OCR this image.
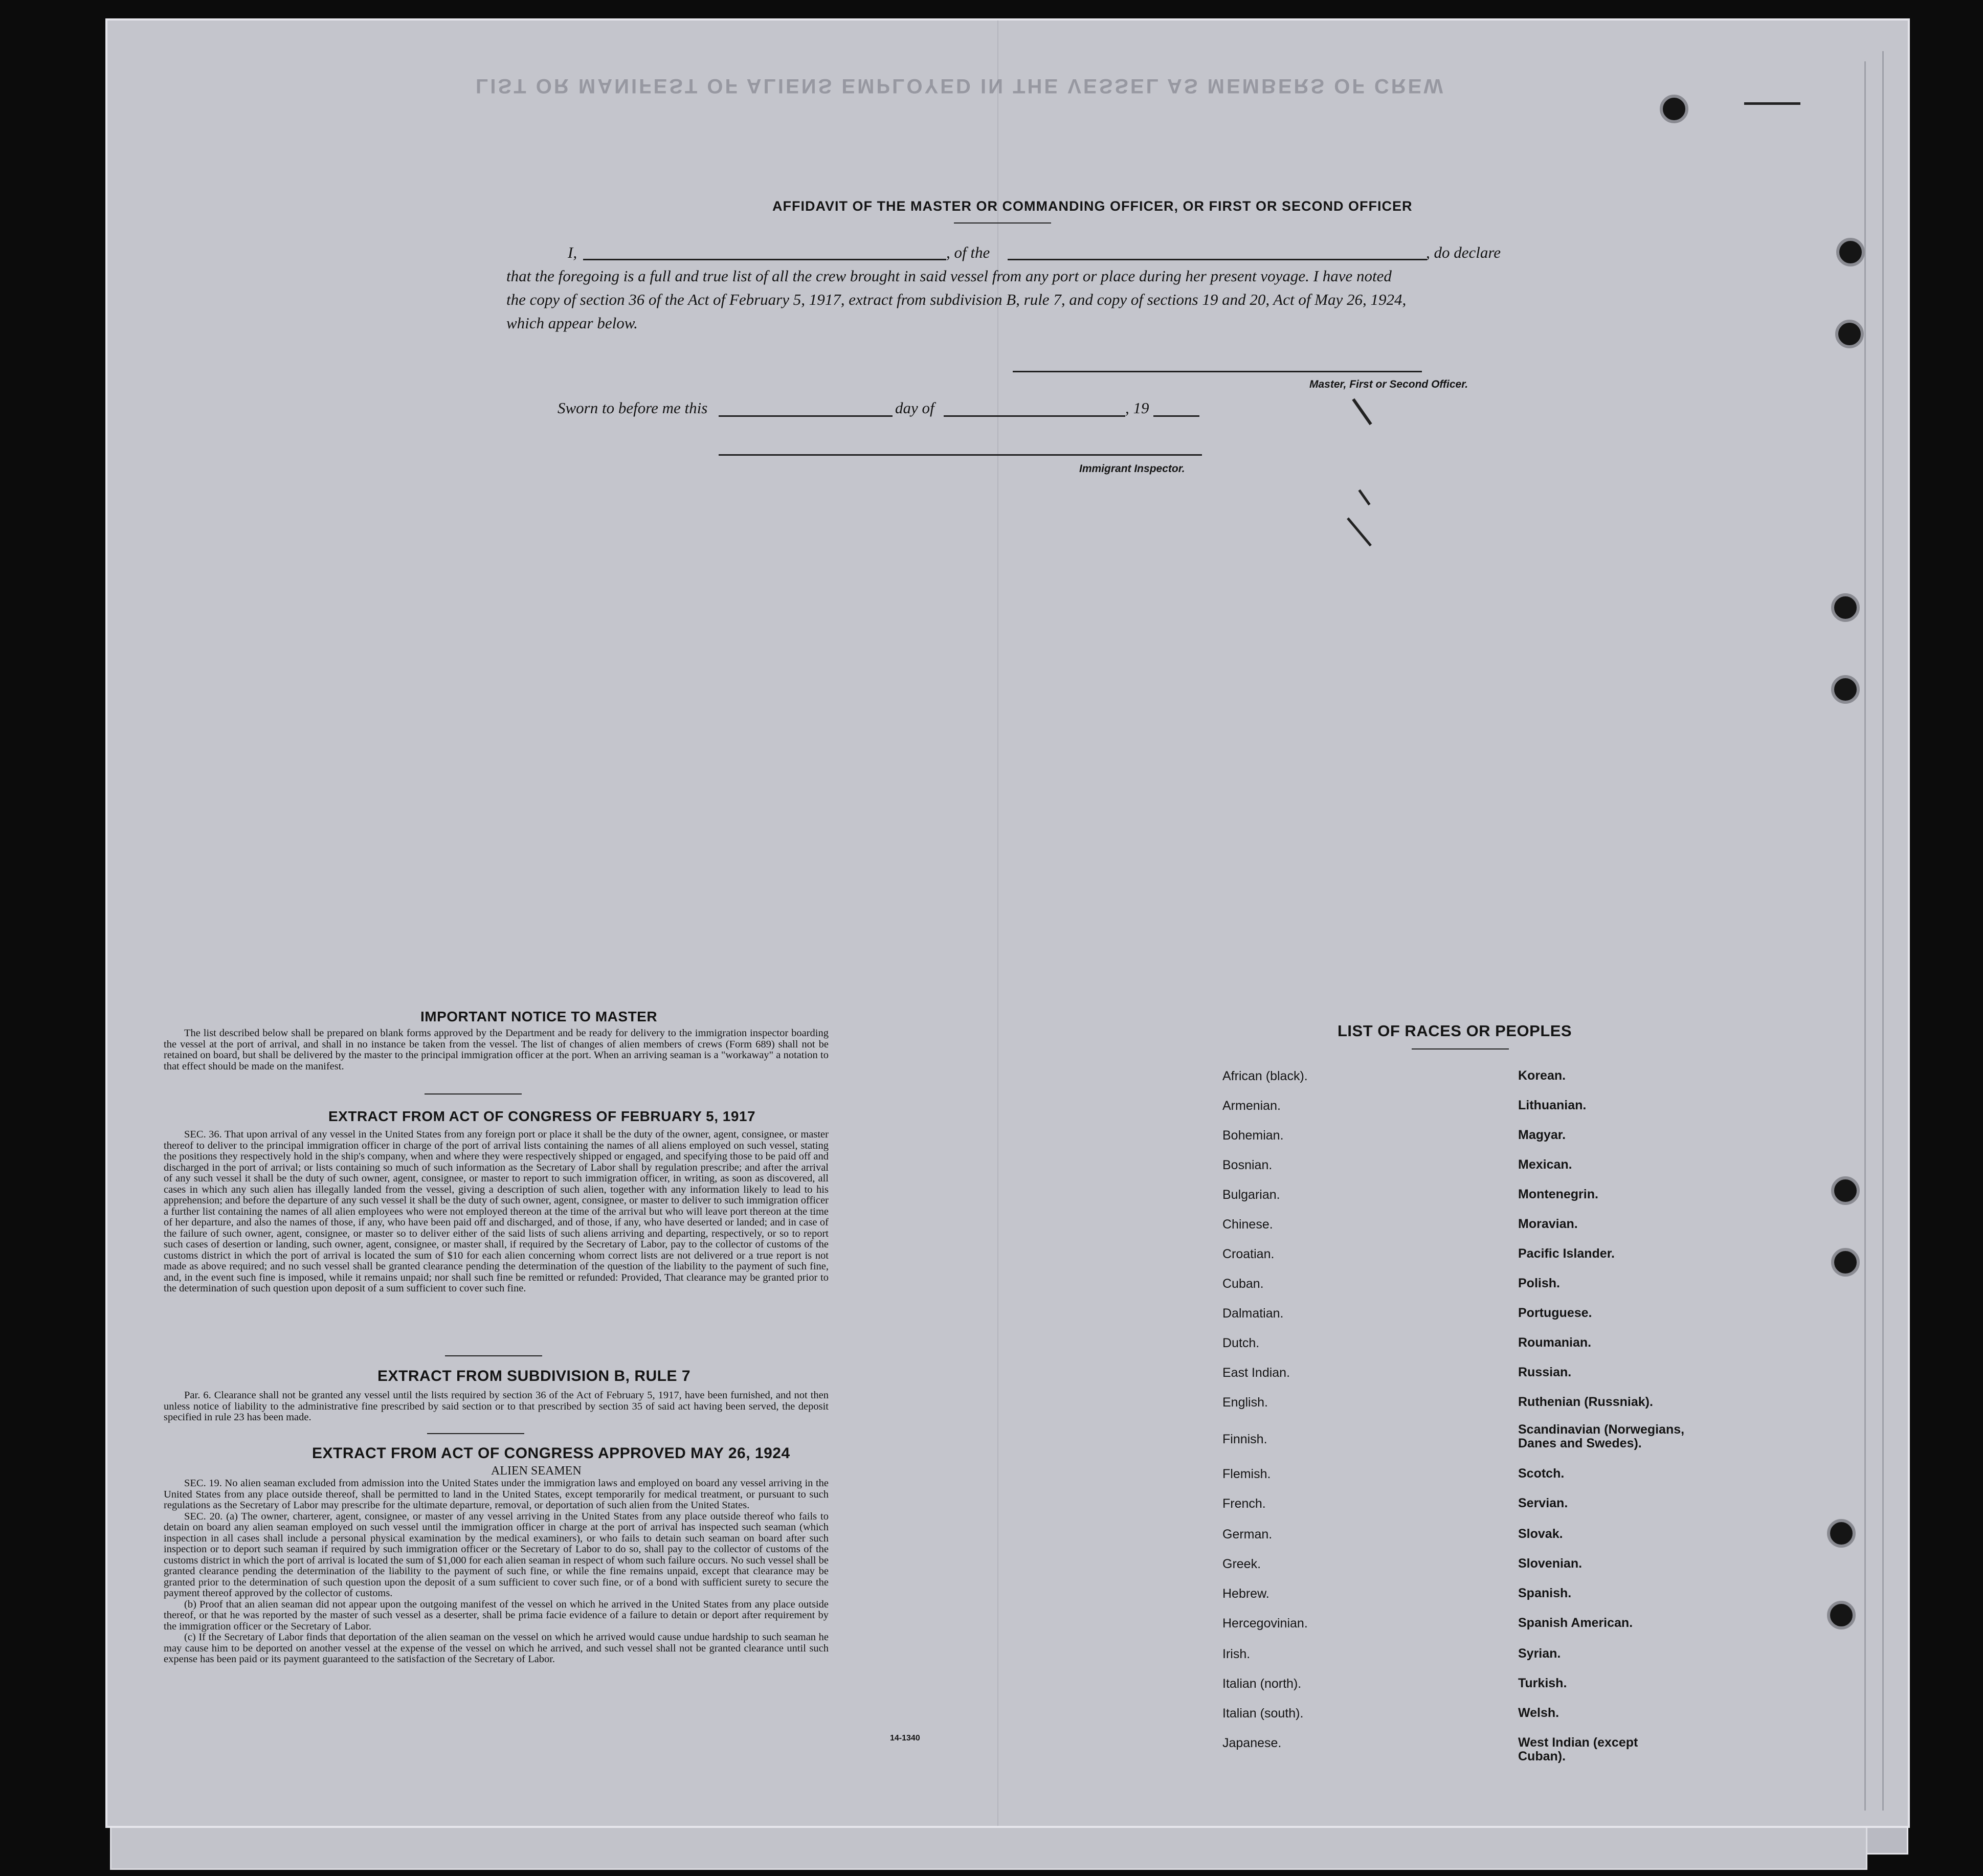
LIST OR MANIFEST OF ALIENS EMPLOYED IN THE VESSEL AS MEMBERS OF CREW
AFFIDAVIT OF THE MASTER OR COMMANDING OFFICER, OR FIRST OR SECOND OFFICER
I,	, of the	, do declare
that the foregoing is a full and true list of all the crew brought in said vessel from any port or place during her present voyage. I have noted
the copy of section 36 of the Act of February 5, 1917, extract from subdivision B, rule 7, and copy of sections 19 and 20, Act of May 26, 1924,
which appear below.
Master, First or Second Officer.
Sworn to before me this	day of	, 19
Immigrant Inspector.
IMPORTANT NOTICE TO MASTER

The list described below shall be prepared on blank forms approved by the Department and be ready for delivery to the immigration inspector boarding the vessel at the port of arrival, and shall in no instance be taken from the vessel. The list of changes of alien members of crews (Form 689) shall not be retained on board, but shall be delivered by the master to the principal immigration officer at the port. When an arriving seaman is a "workaway" a notation to that effect should be made on the manifest.

EXTRACT FROM ACT OF CONGRESS OF FEBRUARY 5, 1917

SEC. 36. That upon arrival of any vessel in the United States from any foreign port or place it shall be the duty of the owner, agent, consignee, or master thereof to deliver to the principal immigration officer in charge of the port of arrival lists containing the names of all aliens employed on such vessel, stating the positions they respectively hold in the ship's company, when and where they were respectively shipped or engaged, and specifying those to be paid off and discharged in the port of arrival; or lists containing so much of such information as the Secretary of Labor shall by regulation prescribe; and after the arrival of any such vessel it shall be the duty of such owner, agent, consignee, or master to report to such immigration officer, in writing, as soon as discovered, all cases in which any such alien has illegally landed from the vessel, giving a description of such alien, together with any information likely to lead to his apprehension; and before the departure of any such vessel it shall be the duty of such owner, agent, consignee, or master to deliver to such immigration officer a further list containing the names of all alien employees who were not employed thereon at the time of the arrival but who will leave port thereon at the time of her departure, and also the names of those, if any, who have been paid off and discharged, and of those, if any, who have deserted or landed; and in case of the failure of such owner, agent, consignee, or master so to deliver either of the said lists of such aliens arriving and departing, respectively, or so to report such cases of desertion or landing, such owner, agent, consignee, or master shall, if required by the Secretary of Labor, pay to the collector of customs of the customs district in which the port of arrival is located the sum of $10 for each alien concerning whom correct lists are not delivered or a true report is not made as above required; and no such vessel shall be granted clearance pending the determination of the question of the liability to the payment of such fine, and, in the event such fine is imposed, while it remains unpaid; nor shall such fine be remitted or refunded: Provided, That clearance may be granted prior to the determination of such question upon deposit of a sum sufficient to cover such fine.

EXTRACT FROM SUBDIVISION B, RULE 7

Par. 6. Clearance shall not be granted any vessel until the lists required by section 36 of the Act of February 5, 1917, have been furnished, and not then unless notice of liability to the administrative fine prescribed by said section or to that prescribed by section 35 of said act having been served, the deposit specified in rule 23 has been made.

EXTRACT FROM ACT OF CONGRESS APPROVED MAY 26, 1924
ALIEN SEAMEN

SEC. 19. No alien seaman excluded from admission into the United States under the immigration laws and employed on board any vessel arriving in the United States from any place outside thereof, shall be permitted to land in the United States, except temporarily for medical treatment, or pursuant to such regulations as the Secretary of Labor may prescribe for the ultimate departure, removal, or deportation of such alien from the United States.

SEC. 20. (a) The owner, charterer, agent, consignee, or master of any vessel arriving in the United States from any place outside thereof who fails to detain on board any alien seaman employed on such vessel until the immigration officer in charge at the port of arrival has inspected such seaman (which inspection in all cases shall include a personal physical examination by the medical examiners), or who fails to detain such seaman on board after such inspection or to deport such seaman if required by such immigration officer or the Secretary of Labor to do so, shall pay to the collector of customs of the customs district in which the port of arrival is located the sum of $1,000 for each alien seaman in respect of whom such failure occurs. No such vessel shall be granted clearance pending the determination of the liability to the payment of such fine, or while the fine remains unpaid, except that clearance may be granted prior to the determination of such question upon the deposit of a sum sufficient to cover such fine, or of a bond with sufficient surety to secure the payment thereof approved by the collector of customs.

(b) Proof that an alien seaman did not appear upon the outgoing manifest of the vessel on which he arrived in the United States from any place outside thereof, or that he was reported by the master of such vessel as a deserter, shall be prima facie evidence of a failure to detain or deport after requirement by the immigration officer or the Secretary of Labor.

(c) If the Secretary of Labor finds that deportation of the alien seaman on the vessel on which he arrived would cause undue hardship to such seaman he may cause him to be deported on another vessel at the expense of the vessel on which he arrived, and such vessel shall not be granted clearance until such expense has been paid or its payment guaranteed to the satisfaction of the Secretary of Labor.

14-1340
LIST OF RACES OR PEOPLES
African (black).
Armenian.
Bohemian.
Bosnian.
Bulgarian.
Chinese.
Croatian.
Cuban.
Dalmatian.
Dutch.
East Indian.
English.
Finnish.
Flemish.
French.
German.
Greek.
Hebrew.
Hercegovinian.
Irish.
Italian (north).
Italian (south).
Japanese.
Korean.
Lithuanian.
Magyar.
Mexican.
Montenegrin.
Moravian.
Pacific Islander.
Polish.
Portuguese.
Roumanian.
Russian.
Ruthenian (Russniak).
Scandinavian (Norwegians, Danes and Swedes).
Scotch.
Servian.
Slovak.
Slovenian.
Spanish.
Spanish American.
Syrian.
Turkish.
Welsh.
West Indian (except Cuban).
